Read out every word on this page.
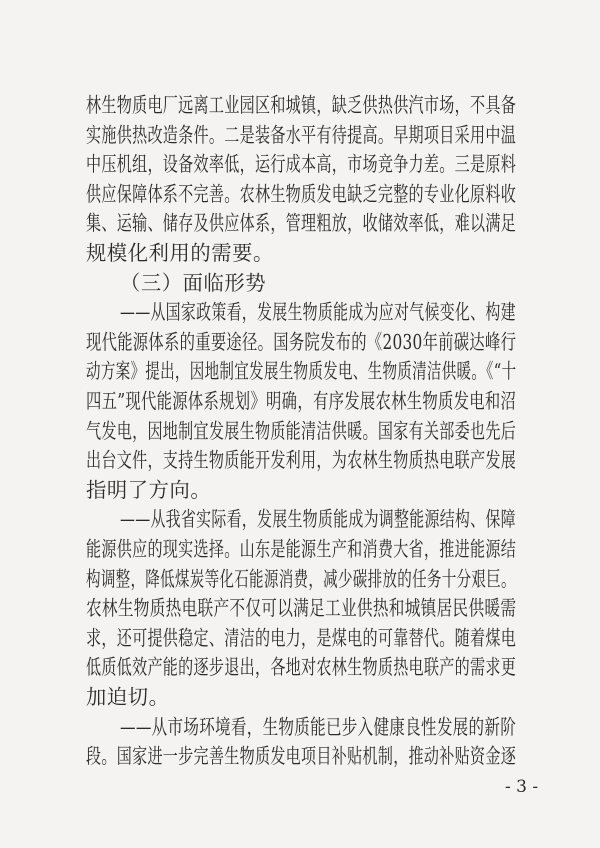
林生物质电厂远离工业园区和城镇，缺乏供热供汽市场，不具备
实施供热改造条件。二是装备水平有待提高。早期项目采用中温
中压机组，设备效率低，运行成本高，市场竞争力差。三是原料
供应保障体系不完善。农林生物质发电缺乏完整的专业化原料收
集、运输、储存及供应体系，管理粗放，收储效率低，难以满足
规模化利用的需要。
（三）面临形势
——从国家政策看，发展生物质能成为应对气候变化、构建
现代能源体系的重要途径。国务院发布的《2030年前碳达峰行
动方案》提出，因地制宜发展生物质发电、生物质清洁供暖。《“十
四五”现代能源体系规划》明确，有序发展农林生物质发电和沼
气发电，因地制宜发展生物质能清洁供暖。国家有关部委也先后
出台文件，支持生物质能开发利用，为农林生物质热电联产发展
指明了方向。
——从我省实际看，发展生物质能成为调整能源结构、保障
能源供应的现实选择。山东是能源生产和消费大省，推进能源结
构调整，降低煤炭等化石能源消费，减少碳排放的任务十分艰巨。
农林生物质热电联产不仅可以满足工业供热和城镇居民供暖需
求，还可提供稳定、清洁的电力，是煤电的可靠替代。随着煤电
低质低效产能的逐步退出，各地对农林生物质热电联产的需求更
加迫切。
——从市场环境看，生物质能已步入健康良性发展的新阶
段。国家进一步完善生物质发电项目补贴机制，推动补贴资金逐
- 3 -
